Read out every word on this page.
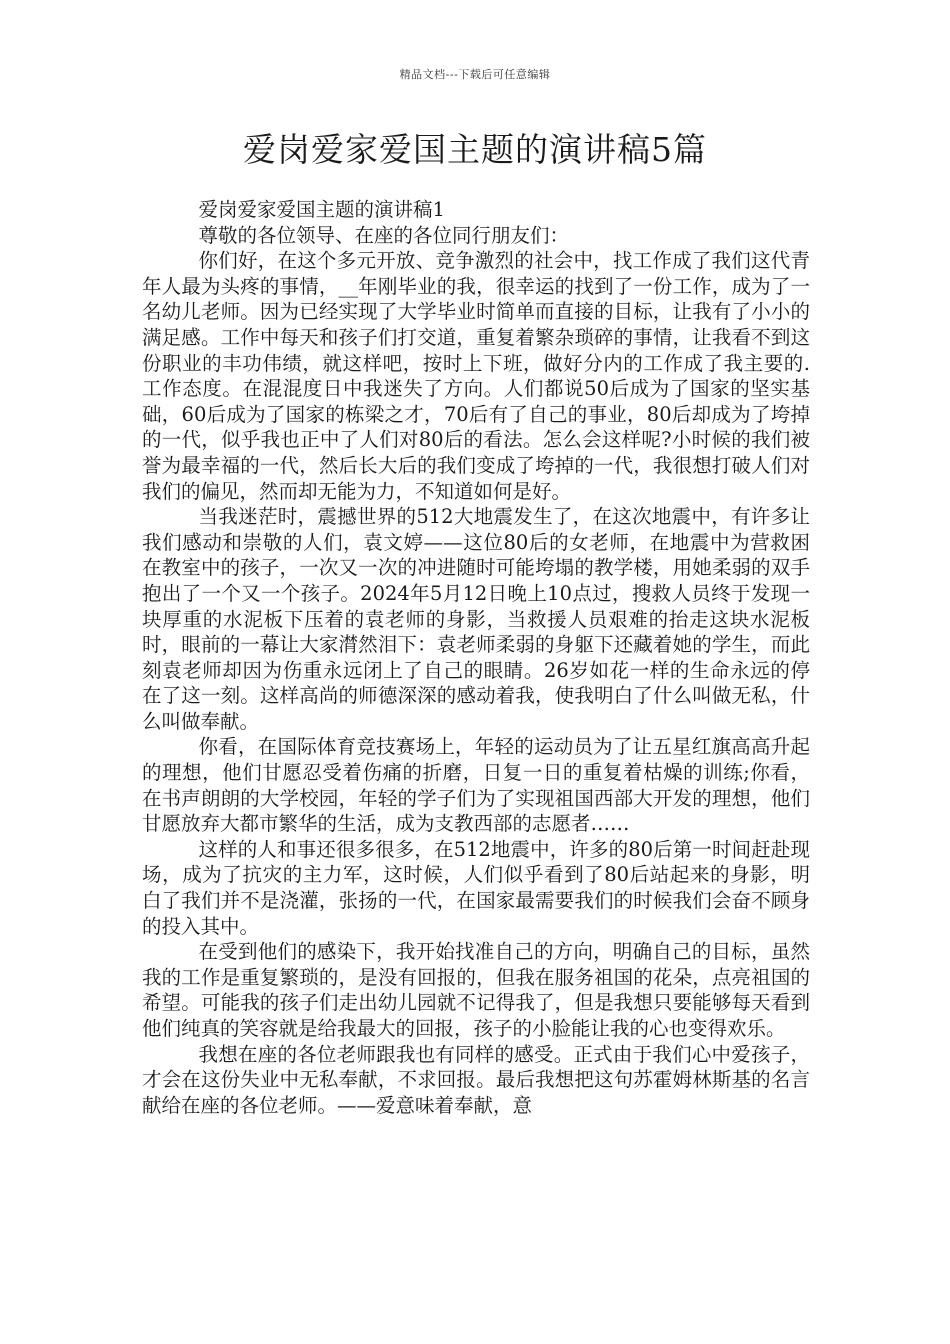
精品文档---下载后可任意编辑
爱岗爱家爱国主题的演讲稿5篇

爱岗爱家爱国主题的演讲稿1

尊敬的各位领导、在座的各位同行朋友们：

你们好，在这个多元开放、竞争激烈的社会中，找工作成了我们这代青年人最为头疼的事情，__年刚毕业的我，很幸运的找到了一份工作，成为了一名幼儿老师。因为已经实现了大学毕业时简单而直接的目标，让我有了小小的满足感。工作中每天和孩子们打交道，重复着繁杂琐碎的事情，让我看不到这份职业的丰功伟绩，就这样吧，按时上下班，做好分内的工作成了我主要的.工作态度。在混混度日中我迷失了方向。人们都说50后成为了国家的坚实基础，60后成为了国家的栋梁之才，70后有了自己的事业，80后却成为了垮掉的一代，似乎我也正中了人们对80后的看法。怎么会这样呢?小时候的我们被誉为最幸福的一代，然后长大后的我们变成了垮掉的一代，我很想打破人们对我们的偏见，然而却无能为力，不知道如何是好。

当我迷茫时，震撼世界的512大地震发生了，在这次地震中，有许多让我们感动和崇敬的人们，袁文婷——这位80后的女老师，在地震中为营救困在教室中的孩子，一次又一次的冲进随时可能垮塌的教学楼，用她柔弱的双手抱出了一个又一个孩子。2024年5月12日晚上10点过，搜救人员终于发现一块厚重的水泥板下压着的袁老师的身影，当救援人员艰难的抬走这块水泥板时，眼前的一幕让大家潸然泪下：袁老师柔弱的身躯下还藏着她的学生，而此刻袁老师却因为伤重永远闭上了自己的眼睛。26岁如花一样的生命永远的停在了这一刻。这样高尚的师德深深的感动着我，使我明白了什么叫做无私，什么叫做奉献。

你看，在国际体育竞技赛场上，年轻的运动员为了让五星红旗高高升起的理想，他们甘愿忍受着伤痛的折磨，日复一日的重复着枯燥的训练;你看，在书声朗朗的大学校园，年轻的学子们为了实现祖国西部大开发的理想，他们甘愿放弃大都市繁华的生活，成为支教西部的志愿者……

这样的人和事还很多很多，在512地震中，许多的80后第一时间赶赴现场，成为了抗灾的主力军，这时候，人们似乎看到了80后站起来的身影，明白了我们并不是浇灌，张扬的一代，在国家最需要我们的时候我们会奋不顾身的投入其中。

在受到他们的感染下，我开始找准自己的方向，明确自己的目标，虽然我的工作是重复繁琐的，是没有回报的，但我在服务祖国的花朵，点亮祖国的希望。可能我的孩子们走出幼儿园就不记得我了，但是我想只要能够每天看到他们纯真的笑容就是给我最大的回报，孩子的小脸能让我的心也变得欢乐。

我想在座的各位老师跟我也有同样的感受。正式由于我们心中爱孩子，才会在这份失业中无私奉献，不求回报。最后我想把这句苏霍姆林斯基的名言献给在座的各位老师。——爱意味着奉献，意
